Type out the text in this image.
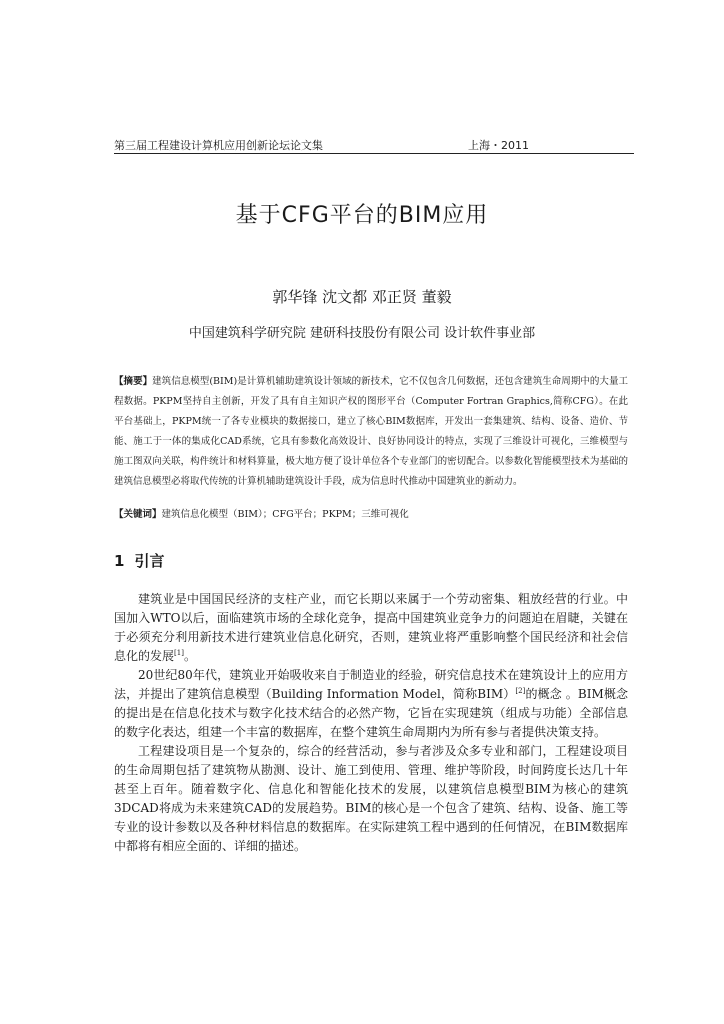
第三届工程建设计算机应用创新论坛论文集	上海・2011
基于CFG平台的BIM应用
郭华锋 沈文都 邓正贤 董毅
中国建筑科学研究院 建研科技股份有限公司 设计软件事业部
【摘要】建筑信息模型(BIM)是计算机辅助建筑设计领域的新技术，它不仅包含几何数据，还包含建筑生命周期中的大量工程数据。PKPM坚持自主创新，开发了具有自主知识产权的图形平台（Computer Fortran Graphics,简称CFG）。在此平台基础上，PKPM统一了各专业模块的数据接口，建立了核心BIM数据库，开发出一套集建筑、结构、设备、造价、节能、施工于一体的集成化CAD系统，它具有参数化高效设计、良好协同设计的特点，实现了三维设计可视化，三维模型与施工图双向关联，构件统计和材料算量，极大地方便了设计单位各个专业部门的密切配合。以参数化智能模型技术为基础的建筑信息模型必将取代传统的计算机辅助建筑设计手段，成为信息时代推动中国建筑业的新动力。
【关键词】建筑信息化模型（BIM）；CFG平台；PKPM；三维可视化
1 引言

建筑业是中国国民经济的支柱产业，而它长期以来属于一个劳动密集、粗放经营的行业。中国加入WTO以后，面临建筑市场的全球化竞争，提高中国建筑业竞争力的问题迫在眉睫，关键在于必须充分利用新技术进行建筑业信息化研究，否则，建筑业将严重影响整个国民经济和社会信息化的发展[1]。

20世纪80年代，建筑业开始吸收来自于制造业的经验，研究信息技术在建筑设计上的应用方法，并提出了建筑信息模型（Building Information Model，简称BIM）[2]的概念 。BIM概念的提出是在信息化技术与数字化技术结合的必然产物，它旨在实现建筑（组成与功能）全部信息的数字化表达，组建一个丰富的数据库，在整个建筑生命周期内为所有参与者提供决策支持。

工程建设项目是一个复杂的，综合的经营活动，参与者涉及众多专业和部门，工程建设项目的生命周期包括了建筑物从勘测、设计、施工到使用、管理、维护等阶段，时间跨度长达几十年甚至上百年。随着数字化、信息化和智能化技术的发展，以建筑信息模型BIM为核心的建筑3DCAD将成为未来建筑CAD的发展趋势。BIM的核心是一个包含了建筑、结构、设备、施工等专业的设计参数以及各种材料信息的数据库。在实际建筑工程中遇到的任何情况，在BIM数据库中都将有相应全面的、详细的描述。
